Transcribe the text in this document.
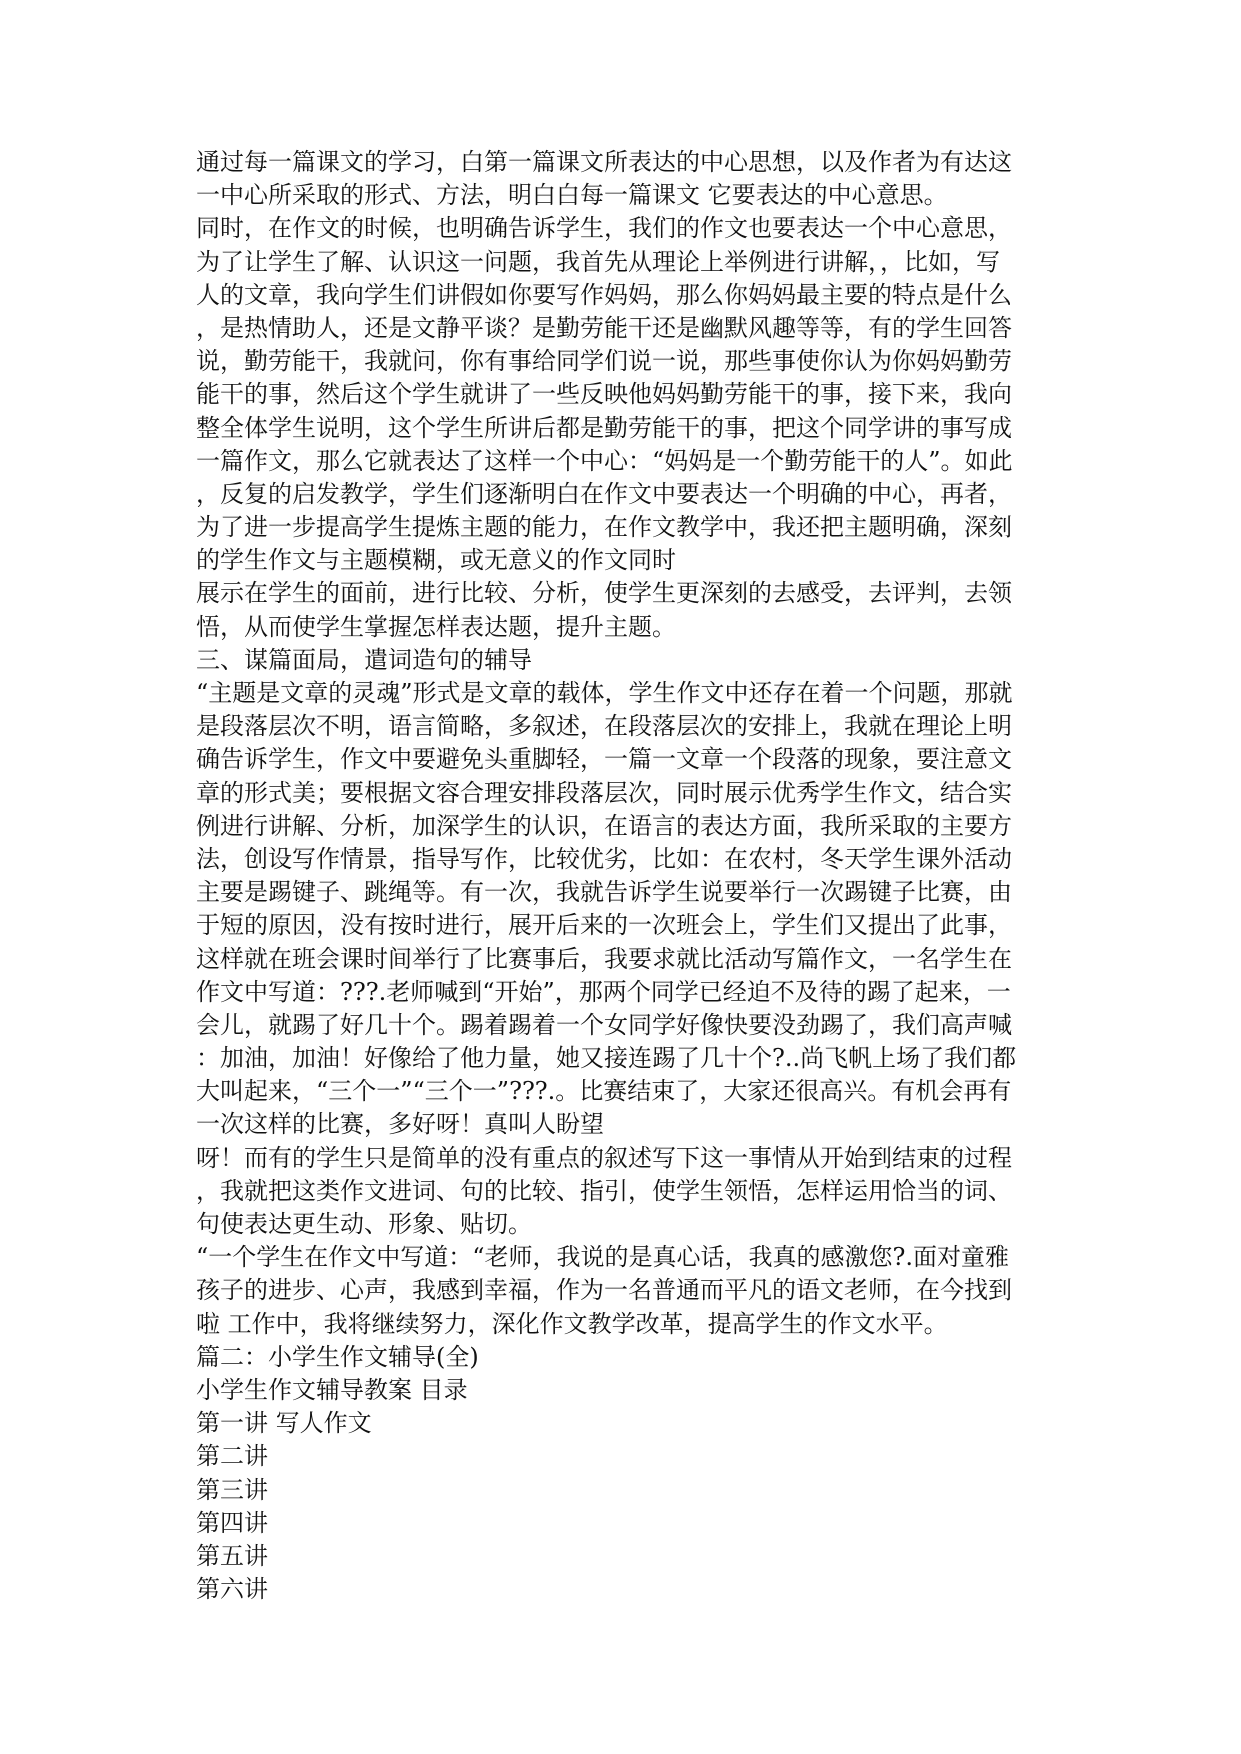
通过每一篇课文的学习，白第一篇课文所表达的中心思想，以及作者为有达这
一中心所采取的形式、方法，明白白每一篇课文 它要表达的中心意思。
同时，在作文的时候，也明确告诉学生，我们的作文也要表达一个中心意思，
为了让学生了解、认识这一问题，我首先从理论上举例进行讲解，，比如，写
人的文章，我向学生们讲假如你要写作妈妈，那么你妈妈最主要的特点是什么
，是热情助人，还是文静平谈？是勤劳能干还是幽默风趣等等，有的学生回答
说，勤劳能干，我就问，你有事给同学们说一说，那些事使你认为你妈妈勤劳
能干的事，然后这个学生就讲了一些反映他妈妈勤劳能干的事，接下来，我向
整全体学生说明，这个学生所讲后都是勤劳能干的事，把这个同学讲的事写成
一篇作文，那么它就表达了这样一个中心：“妈妈是一个勤劳能干的人”。如此
，反复的启发教学，学生们逐渐明白在作文中要表达一个明确的中心，再者，
为了进一步提高学生提炼主题的能力，在作文教学中，我还把主题明确，深刻
的学生作文与主题模糊，或无意义的作文同时
展示在学生的面前，进行比较、分析，使学生更深刻的去感受，去评判，去领
悟，从而使学生掌握怎样表达题，提升主题。
三、谋篇面局，遣词造句的辅导
“主题是文章的灵魂”形式是文章的载体，学生作文中还存在着一个问题，那就
是段落层次不明，语言简略，多叙述，在段落层次的安排上，我就在理论上明
确告诉学生，作文中要避免头重脚轻，一篇一文章一个段落的现象，要注意文
章的形式美；要根据文容合理安排段落层次，同时展示优秀学生作文，结合实
例进行讲解、分析，加深学生的认识，在语言的表达方面，我所采取的主要方
法，创设写作情景，指导写作，比较优劣，比如：在农村，冬天学生课外活动
主要是踢键子、跳绳等。有一次，我就告诉学生说要举行一次踢键子比赛，由
于短的原因，没有按时进行，展开后来的一次班会上，学生们又提出了此事，
这样就在班会课时间举行了比赛事后，我要求就比活动写篇作文，一名学生在
作文中写道：???.老师喊到“开始”，那两个同学已经迫不及待的踢了起来，一
会儿，就踢了好几十个。踢着踢着一个女同学好像快要没劲踢了，我们高声喊
：加油，加油！好像给了他力量，她又接连踢了几十个?..尚飞帆上场了我们都
大叫起来，“三个一”“三个一”???.。比赛结束了，大家还很高兴。有机会再有
一次这样的比赛，多好呀！真叫人盼望
呀！而有的学生只是简单的没有重点的叙述写下这一事情从开始到结束的过程
，我就把这类作文进词、句的比较、指引，使学生领悟，怎样运用恰当的词、
句使表达更生动、形象、贴切。
“一个学生在作文中写道：“老师，我说的是真心话，我真的感激您?.面对童雅
孩子的进步、心声，我感到幸福，作为一名普通而平凡的语文老师，在今找到
啦 工作中，我将继续努力，深化作文教学改革，提高学生的作文水平。
篇二：小学生作文辅导(全)
小学生作文辅导教案 目录
第一讲 写人作文
第二讲
第三讲
第四讲
第五讲
第六讲
